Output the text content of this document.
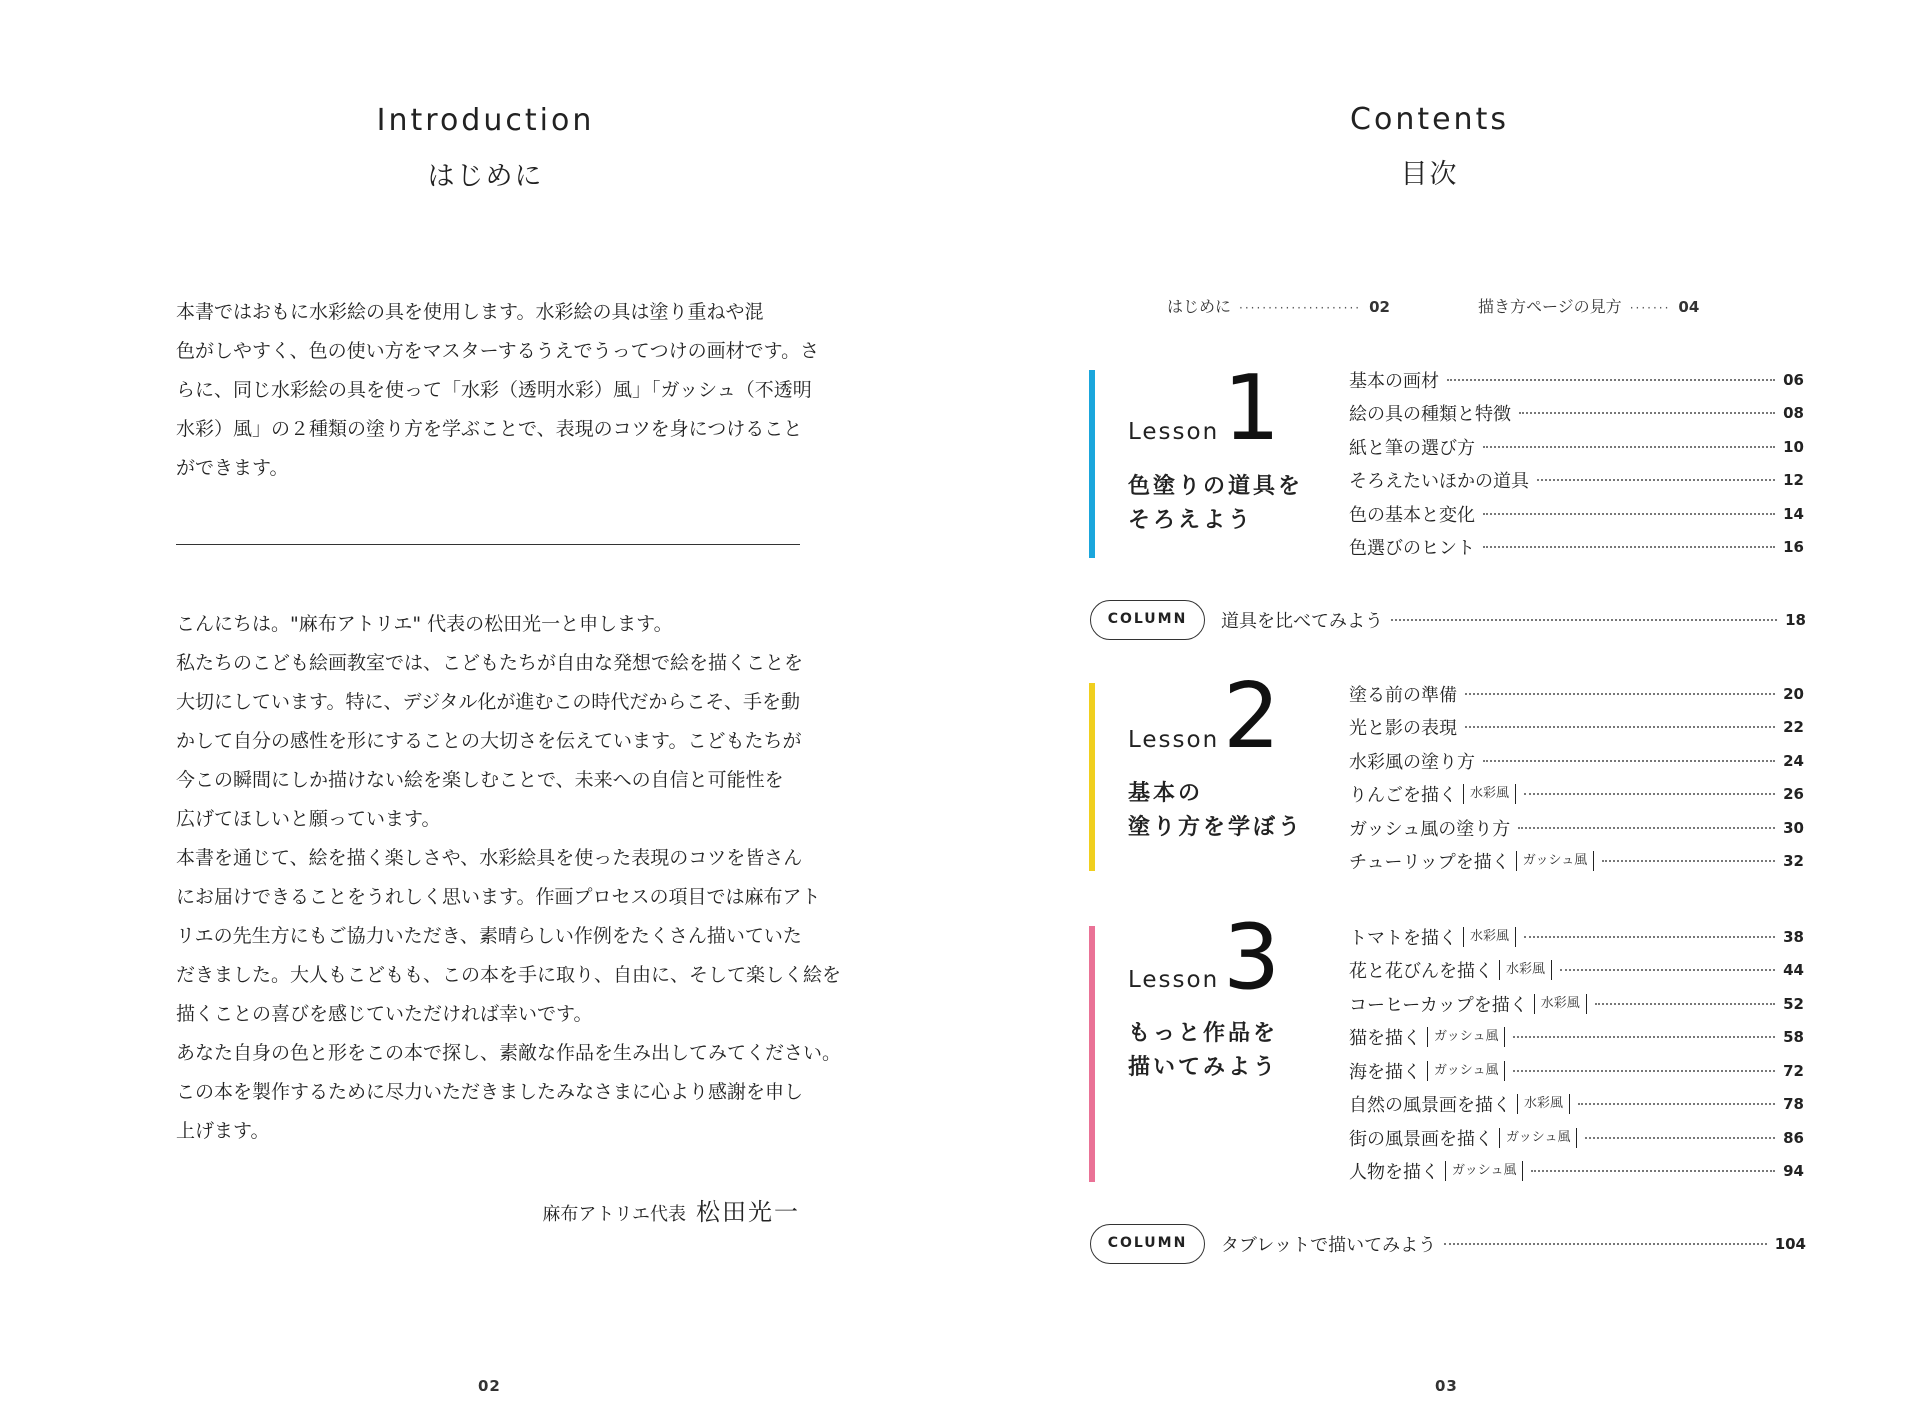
Introduction
はじめに
本書ではおもに水彩絵の具を使用します。水彩絵の具は塗り重ねや混
色がしやすく、色の使い方をマスターするうえでうってつけの画材です。さ
らに、同じ水彩絵の具を使って「水彩（透明水彩）風」「ガッシュ（不透明
水彩）風」の２種類の塗り方を学ぶことで、表現のコツを身につけること
ができます。
こんにちは。"麻布アトリエ" 代表の松田光一と申します。
私たちのこども絵画教室では、こどもたちが自由な発想で絵を描くことを
大切にしています。特に、デジタル化が進むこの時代だからこそ、手を動
かして自分の感性を形にすることの大切さを伝えています。こどもたちが
今この瞬間にしか描けない絵を楽しむことで、未来への自信と可能性を
広げてほしいと願っています。
本書を通じて、絵を描く楽しさや、水彩絵具を使った表現のコツを皆さん
にお届けできることをうれしく思います。作画プロセスの項目では麻布アト
リエの先生方にもご協力いただき、素晴らしい作例をたくさん描いていた
だきました。大人もこどもも、この本を手に取り、自由に、そして楽しく絵を
描くことの喜びを感じていただければ幸いです。
あなた自身の色と形をこの本で探し、素敵な作品を生み出してみてください。
この本を製作するために尽力いただきましたみなさまに心より感謝を申し
上げます。
麻布アトリエ代表 松田光一
02
Contents
目次
はじめに ····················· 02	描き方ページの見方 ······· 04
Lesson 1
色塗りの道具を
そろえよう
基本の画材	06
絵の具の種類と特徴	08
紙と筆の選び方	10
そろえたいほかの道具	12
色の基本と変化	14
色選びのヒント	16
COLUMN	道具を比べてみよう	18
Lesson 2
基本の
塗り方を学ぼう
塗る前の準備	20
光と影の表現	22
水彩風の塗り方	24
りんごを描く	水彩風	26
ガッシュ風の塗り方	30
チューリップを描く	ガッシュ風	32
Lesson 3
もっと作品を
描いてみよう
トマトを描く	水彩風	38
花と花びんを描く	水彩風	44
コーヒーカップを描く	水彩風	52
猫を描く	ガッシュ風	58
海を描く	ガッシュ風	72
自然の風景画を描く	水彩風	78
街の風景画を描く	ガッシュ風	86
人物を描く	ガッシュ風	94
COLUMN	タブレットで描いてみよう	104
03
